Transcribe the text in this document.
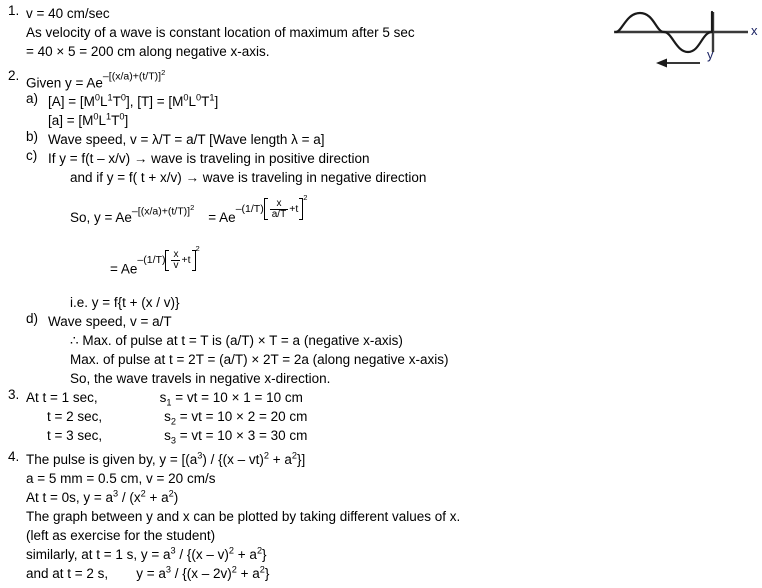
x
y
1. v = 40 cm/sec
As velocity of a wave is constant location of maximum after 5 sec
= 40 × 5 = 200 cm along negative x-axis.
2. Given $y = Ae-[(x/a)+(t/T)]^2$
a) $[A] = [M^0L^1T^0]$, $[T] = [M^0L^0T^1]$
$[a] = [M^0L^1T^0]$
b) Wave speed, v = λ/T = a/T [Wave length λ = a]
c) If y = f(t – x/v) → wave is traveling in positive direction
and if y = f( t + x/v) → wave is traveling in negative direction
So, $y = Ae-[(x/a)+(t/T)]^2= Ae-(1/T) \frac{x}{a/T} +t$
$^2$
= $Ae-(1/T) \frac{x}{v} +t$
$^2$
i.e. y = f{t + (x / v)}
d) Wave speed, v = a/T
∴ Max. of pulse at t = T is (a/T) × T = a (negative x-axis)
Max. of pulse at t = 2T = (a/T) × 2T = 2a (along negative x-axis)
So, the wave travels in negative x-direction.
3. At t = 1 sec,	$s_1$ = vt = 10 × 1 = 10 cm
t = 2 sec,	$s_2$ = vt = 10 × 2 = 20 cm
t = 3 sec,	$s_3$ = vt = 10 × 3 = 30 cm
4. The pulse is given by, $y = [(a^3) / \{(x - vt)^2 + a^2\}]$
a = 5 mm = 0.5 cm, v = 20 cm/s
At t = 0s, $y = a^3 / (x^2 + a^2)$
The graph between y and x can be plotted by taking different values of x.
(left as exercise for the student)
similarly, at t = 1 s, $y = a^3 / \{(x - v)^2 + a^2\}$
and at t = 2 s, $y = a^3 / \{(x - 2v)^2 + a^2\}$
